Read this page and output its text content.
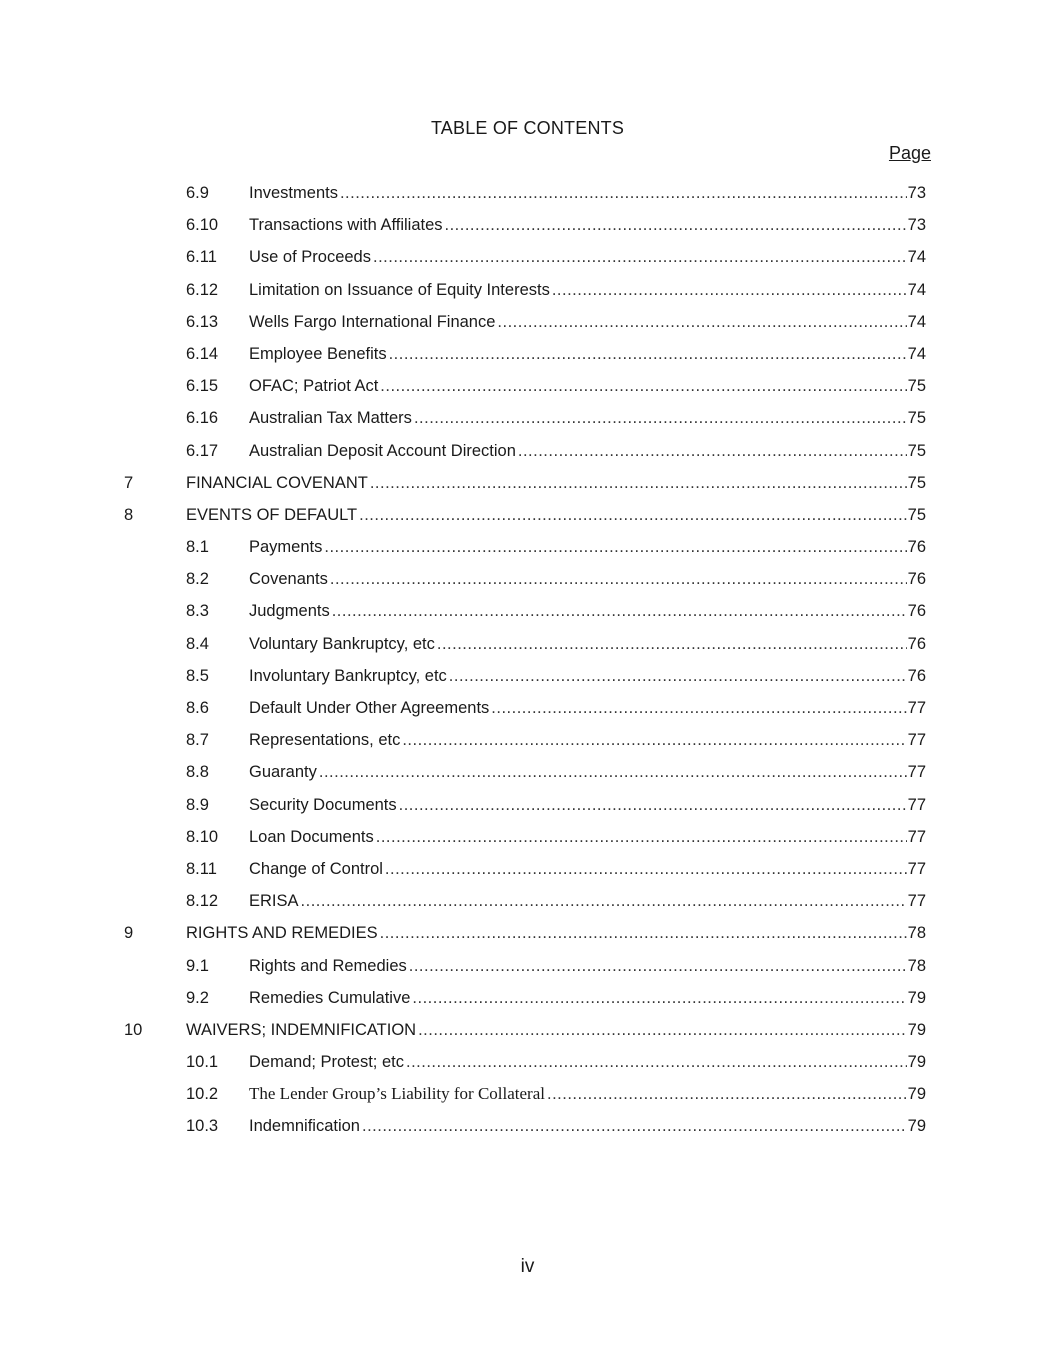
TABLE OF CONTENTS
Page
6.9 Investments .....	73
6.10 Transactions with Affiliates .....	73
6.11 Use of Proceeds .....	74
6.12 Limitation on Issuance of Equity Interests .....	74
6.13 Wells Fargo International Finance .....	74
6.14 Employee Benefits .....	74
6.15 OFAC; Patriot Act .....	75
6.16 Australian Tax Matters .....	75
6.17 Australian Deposit Account Direction .....	75
7	FINANCIAL COVENANT .....	75
8	EVENTS OF DEFAULT .....	75
8.1 Payments .....	76
8.2 Covenants .....	76
8.3 Judgments .....	76
8.4 Voluntary Bankruptcy, etc .....	76
8.5 Involuntary Bankruptcy, etc .....	76
8.6 Default Under Other Agreements .....	77
8.7 Representations, etc .....	77
8.8 Guaranty .....	77
8.9 Security Documents .....	77
8.10 Loan Documents .....	77
8.11 Change of Control .....	77
8.12 ERISA .....	77
9	RIGHTS AND REMEDIES .....	78
9.1 Rights and Remedies .....	78
9.2 Remedies Cumulative .....	79
10	WAIVERS; INDEMNIFICATION .....	79
10.1 Demand; Protest; etc .....	79
10.2 The Lender Group’s Liability for Collateral .....	79
10.3 Indemnification .....	79
iv
